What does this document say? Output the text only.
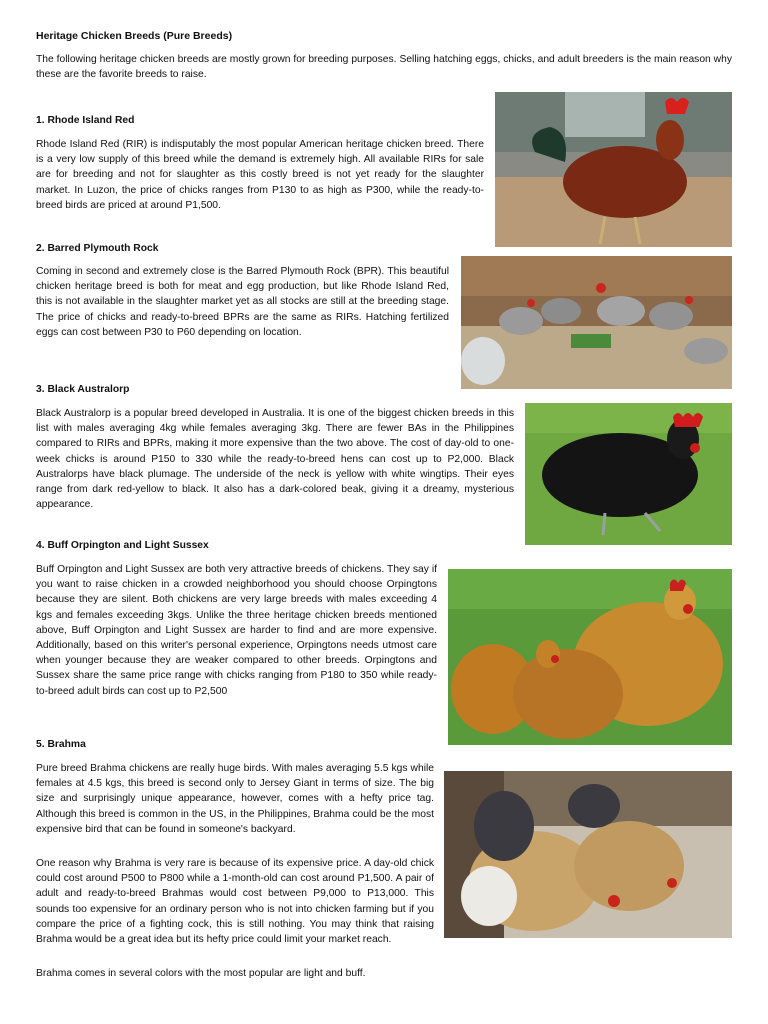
Heritage Chicken Breeds (Pure Breeds)

The following heritage chicken breeds are mostly grown for breeding purposes. Selling hatching eggs, chicks, and adult breeders is the main reason why these are the favorite breeds to raise.

1. Rhode Island Red

Rhode Island Red (RIR) is indisputably the most popular American heritage chicken breed. There is a very low supply of this breed while the demand is extremely high. All available RIRs for sale are for breeding and not for slaughter as this costly breed is not yet ready for the slaughter market. In Luzon, the price of chicks ranges from P130 to as high as P300, while the ready-to-breed birds are priced at around P1,500.

2. Barred Plymouth Rock

Coming in second and extremely close is the Barred Plymouth Rock (BPR). This beautiful chicken heritage breed is both for meat and egg production, but like Rhode Island Red, this is not available in the slaughter market yet as all stocks are still at the breeding stage. The price of chicks and ready-to-breed BPRs are the same as RIRs. Hatching fertilized eggs can cost between P30 to P60 depending on location.

3. Black Australorp

Black Australorp is a popular breed developed in Australia. It is one of the biggest chicken breeds in this list with males averaging 4kg while females averaging 3kg. There are fewer BAs in the Philippines compared to RIRs and BPRs, making it more expensive than the two above. The cost of day-old to one-week chicks is around P150 to 330 while the ready-to-breed hens can cost up to P2,000. Black Australorps have black plumage. The underside of the neck is yellow with white wingtips. Their eyes range from dark red-yellow to black. It also has a dark-colored beak, giving it a dreamy, mysterious appearance.

4. Buff Orpington and Light Sussex

Buff Orpington and Light Sussex are both very attractive breeds of chickens. They say if you want to raise chicken in a crowded neighborhood you should choose Orpingtons because they are silent. Both chickens are very large breeds with males exceeding 4 kgs and females exceeding 3kgs. Unlike the three heritage chicken breeds mentioned above, Buff Orpington and Light Sussex are harder to find and are more expensive. Additionally, based on this writer's personal experience, Orpingtons needs utmost care when younger because they are weaker compared to other breeds. Orpingtons and Sussex share the same price range with chicks ranging from P180 to 350 while ready-to-breed adult birds can cost up to P2,500

5. Brahma

Pure breed Brahma chickens are really huge birds. With males averaging 5.5 kgs while females at 4.5 kgs, this breed is second only to Jersey Giant in terms of size. The big size and surprisingly unique appearance, however, comes with a hefty price tag. Although this breed is common in the US, in the Philippines, Brahma could be the most expensive bird that can be found in someone's backyard.

One reason why Brahma is very rare is because of its expensive price. A day-old chick could cost around P500 to P800 while a 1-month-old can cost around P1,500. A pair of adult and ready-to-breed Brahmas would cost between P9,000 to P13,000. This sounds too expensive for an ordinary person who is not into chicken farming but if you compare the price of a fighting cock, this is still nothing. You may think that raising Brahma would be a great idea but its hefty price could limit your market reach.

Brahma comes in several colors with the most popular are light and buff.
